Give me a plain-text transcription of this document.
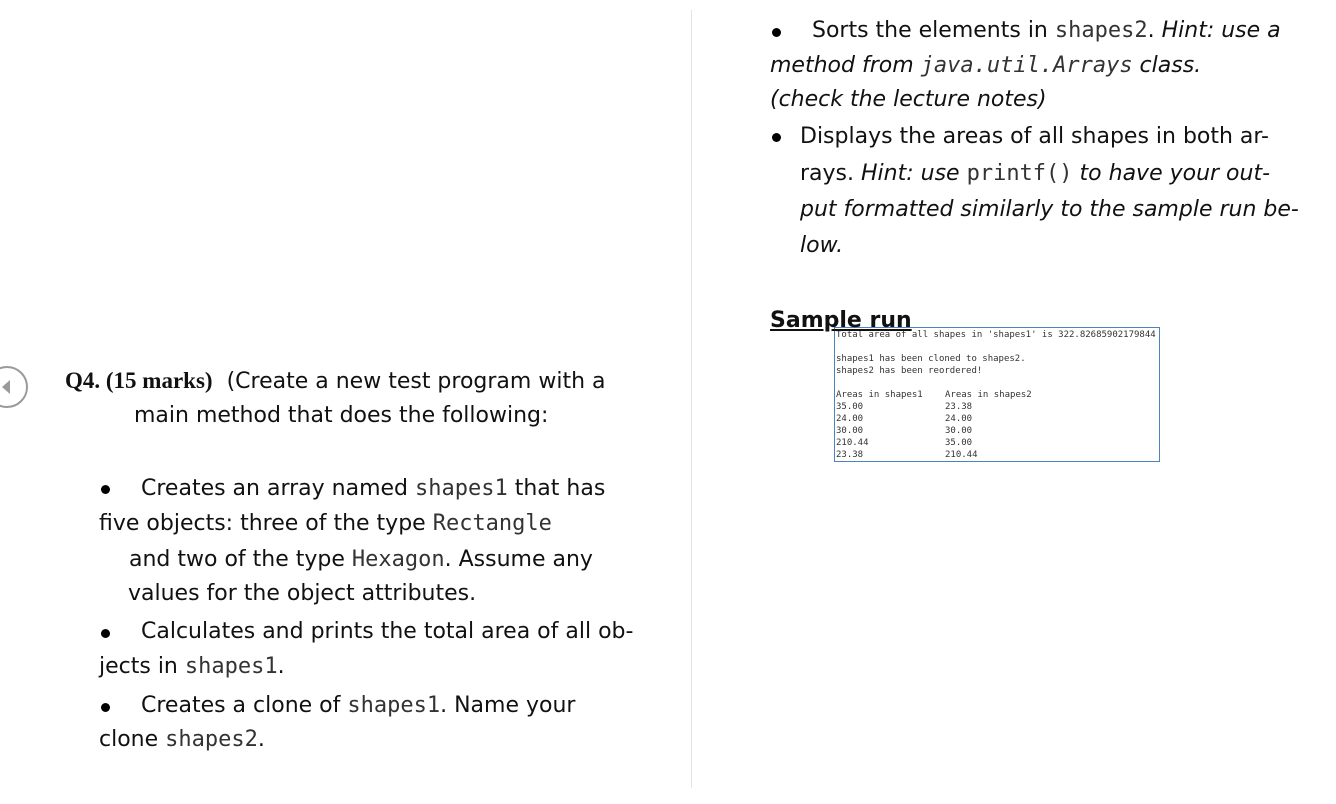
Q4. (15 marks) (Create a new test program with a
main method that does the following:
Creates an array named shapes1 that has
five objects: three of the type Rectangle
and two of the type Hexagon. Assume any
values for the object attributes.
Calculates and prints the total area of all ob-
jects in shapes1.
Creates a clone of shapes1. Name your
clone shapes2.
Sorts the elements in shapes2. Hint: use a
method from java.util.Arrays class.
(check the lecture notes)
Displays the areas of all shapes in both ar-
rays. Hint: use printf() to have your out-
put formatted similarly to the sample run be-
low.
Total area of all shapes in 'shapes1' is 322.82685902179844
shapes1 has been cloned to shapes2.
shapes2 has been reordered!
Areas in shapes1 Areas in shapes2
35.00	23.38
24.00	24.00
30.00	30.00
210.44	35.00
23.38	210.44
Sample run
